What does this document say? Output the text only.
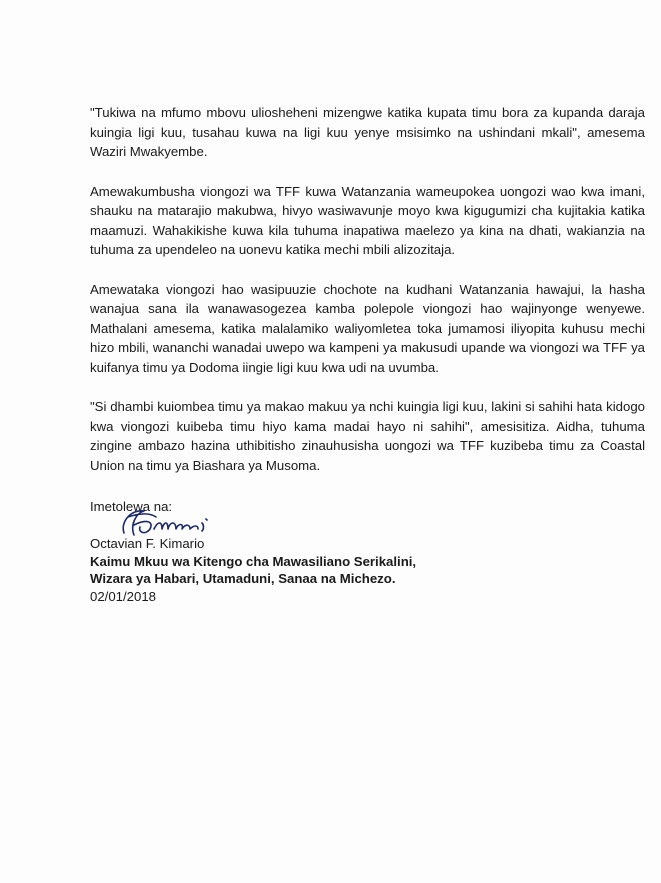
"Tukiwa na mfumo mbovu uliosheheni mizengwe katika kupata timu bora za kupanda daraja kuingia ligi kuu, tusahau kuwa na ligi kuu yenye msisimko na ushindani mkali", amesema Waziri Mwakyembe.

Amewakumbusha viongozi wa TFF kuwa Watanzania wameupokea uongozi wao kwa imani, shauku na matarajio makubwa, hivyo wasiwavunje moyo kwa kigugumizi cha kujitakia katika maamuzi. Wahakikishe kuwa kila tuhuma inapatiwa maelezo ya kina na dhati, wakianzia na tuhuma za upendeleo na uonevu katika mechi mbili alizozitaja.

Amewataka viongozi hao wasipuuzie chochote na kudhani Watanzania hawajui, la hasha wanajua sana ila wanawasogezea kamba polepole viongozi hao wajinyonge wenyewe. Mathalani amesema, katika malalamiko waliyomletea toka jumamosi iliyopita kuhusu mechi hizo mbili, wananchi wanadai uwepo wa kampeni ya makusudi upande wa viongozi wa TFF ya kuifanya timu ya Dodoma iingie ligi kuu kwa udi na uvumba.

"Si dhambi kuiombea timu ya makao makuu ya nchi kuingia ligi kuu, lakini si sahihi hata kidogo kwa viongozi kuibeba timu hiyo kama madai hayo ni sahihi", amesisitiza. Aidha, tuhuma zingine ambazo hazina uthibitisho zinauhusisha uongozi wa TFF kuzibeba timu za Coastal Union na timu ya Biashara ya Musoma.

Imetolewa na:

Octavian F. Kimario
Kaimu Mkuu wa Kitengo cha Mawasiliano Serikalini,
Wizara ya Habari, Utamaduni, Sanaa na Michezo.
02/01/2018
